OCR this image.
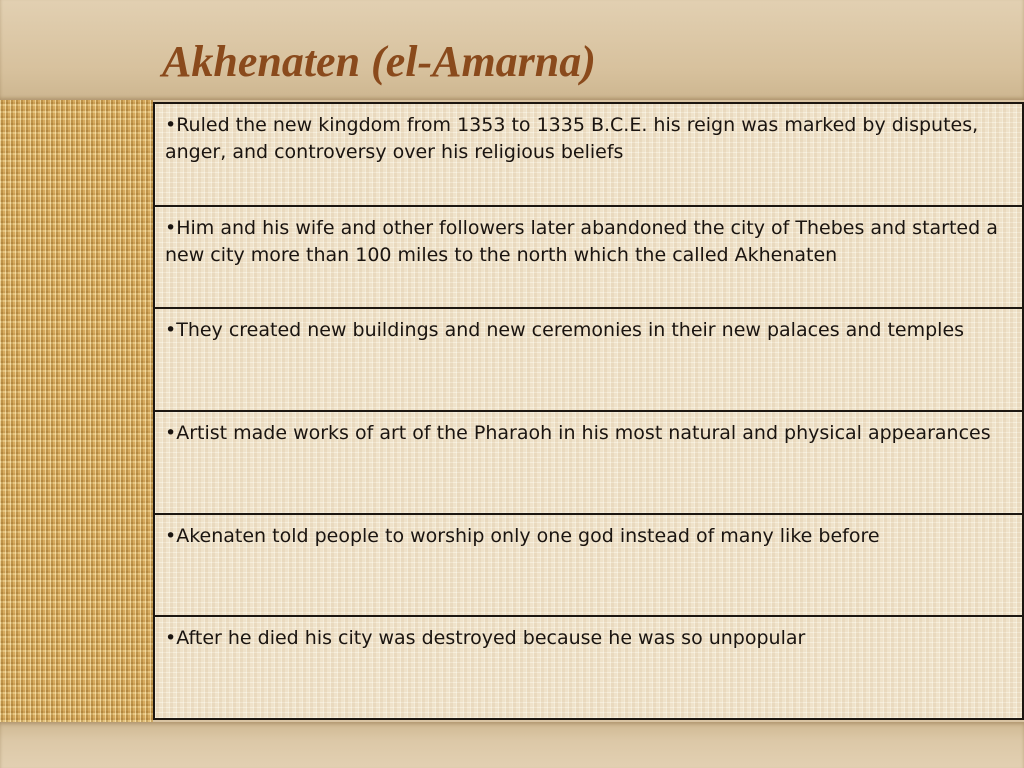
Akhenaten (el-Amarna)

•Ruled the new kingdom from 1353 to 1335 B.C.E. his reign was marked by disputes, anger, and controversy over his religious beliefs

•Him and his wife and other followers later abandoned the city of Thebes and started a new city more than 100 miles to the north which the called Akhenaten

•They created new buildings and new ceremonies in their new palaces and temples

•Artist made works of art of the Pharaoh in his most natural and physical appearances

•Akenaten told people to worship only one god instead of many like before

•After he died his city was destroyed because he was so unpopular
